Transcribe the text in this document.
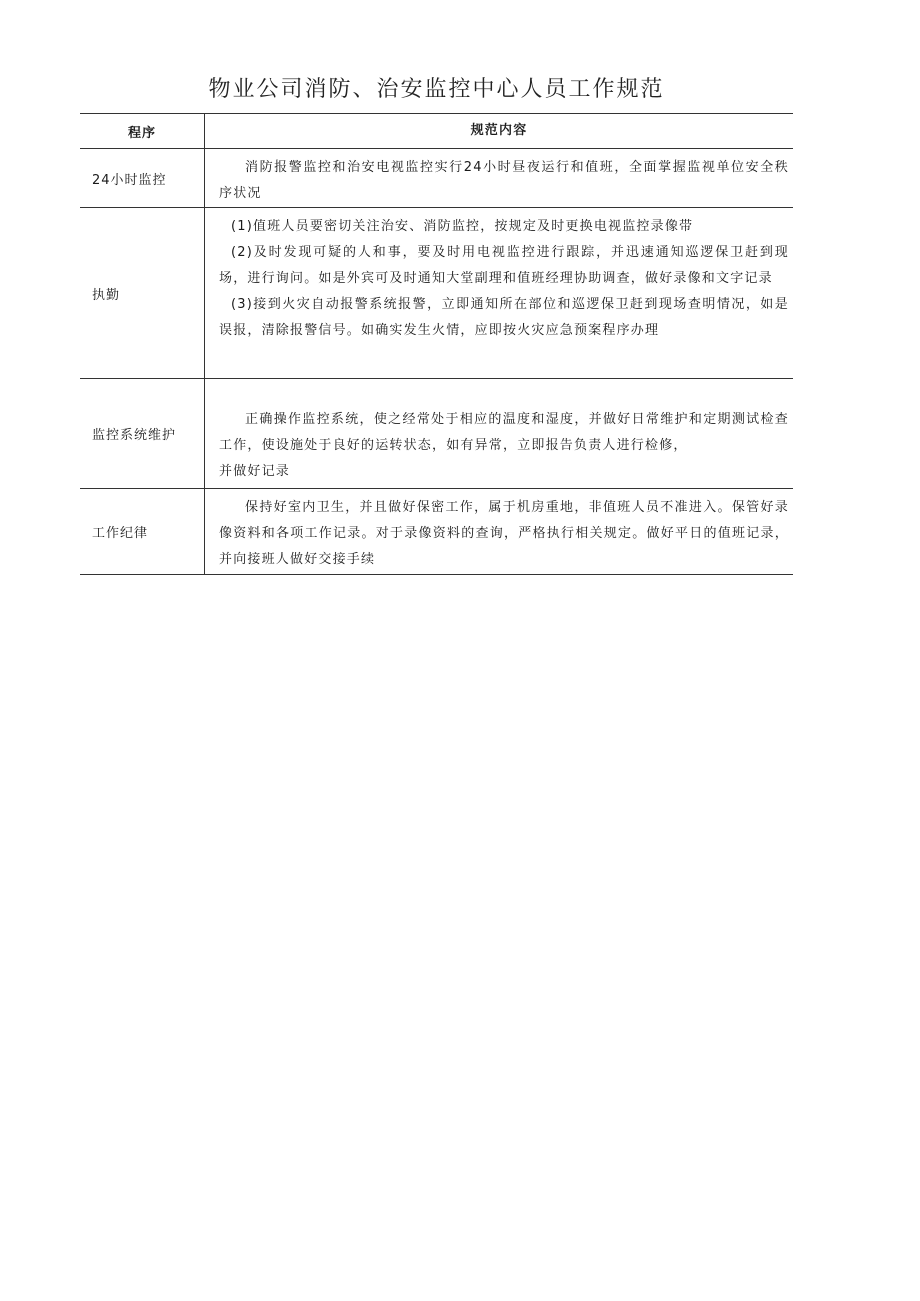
物业公司消防、治安监控中心人员工作规范
程序	规范内容
24小时监控

消防报警监控和治安电视监控实行24小时昼夜运行和值班，全面掌握监视单位安全秩序状况

执勤

(1)值班人员要密切关注治安、消防监控，按规定及时更换电视监控录像带

(2)及时发现可疑的人和事，要及时用电视监控进行跟踪，并迅速通知巡逻保卫赶到现场，进行询问。如是外宾可及时通知大堂副理和值班经理协助调查，做好录像和文字记录

(3)接到火灾自动报警系统报警，立即通知所在部位和巡逻保卫赶到现场查明情况，如是误报，清除报警信号。如确实发生火情，应即按火灾应急预案程序办理

监控系统维护

正确操作监控系统，使之经常处于相应的温度和湿度，并做好日常维护和定期测试检查工作，使设施处于良好的运转状态，如有异常，立即报告负责人进行检修，

并做好记录

工作纪律

保持好室内卫生，并且做好保密工作，属于机房重地，非值班人员不准进入。保管好录像资料和各项工作记录。对于录像资料的查询，严格执行相关规定。做好平日的值班记录，并向接班人做好交接手续
